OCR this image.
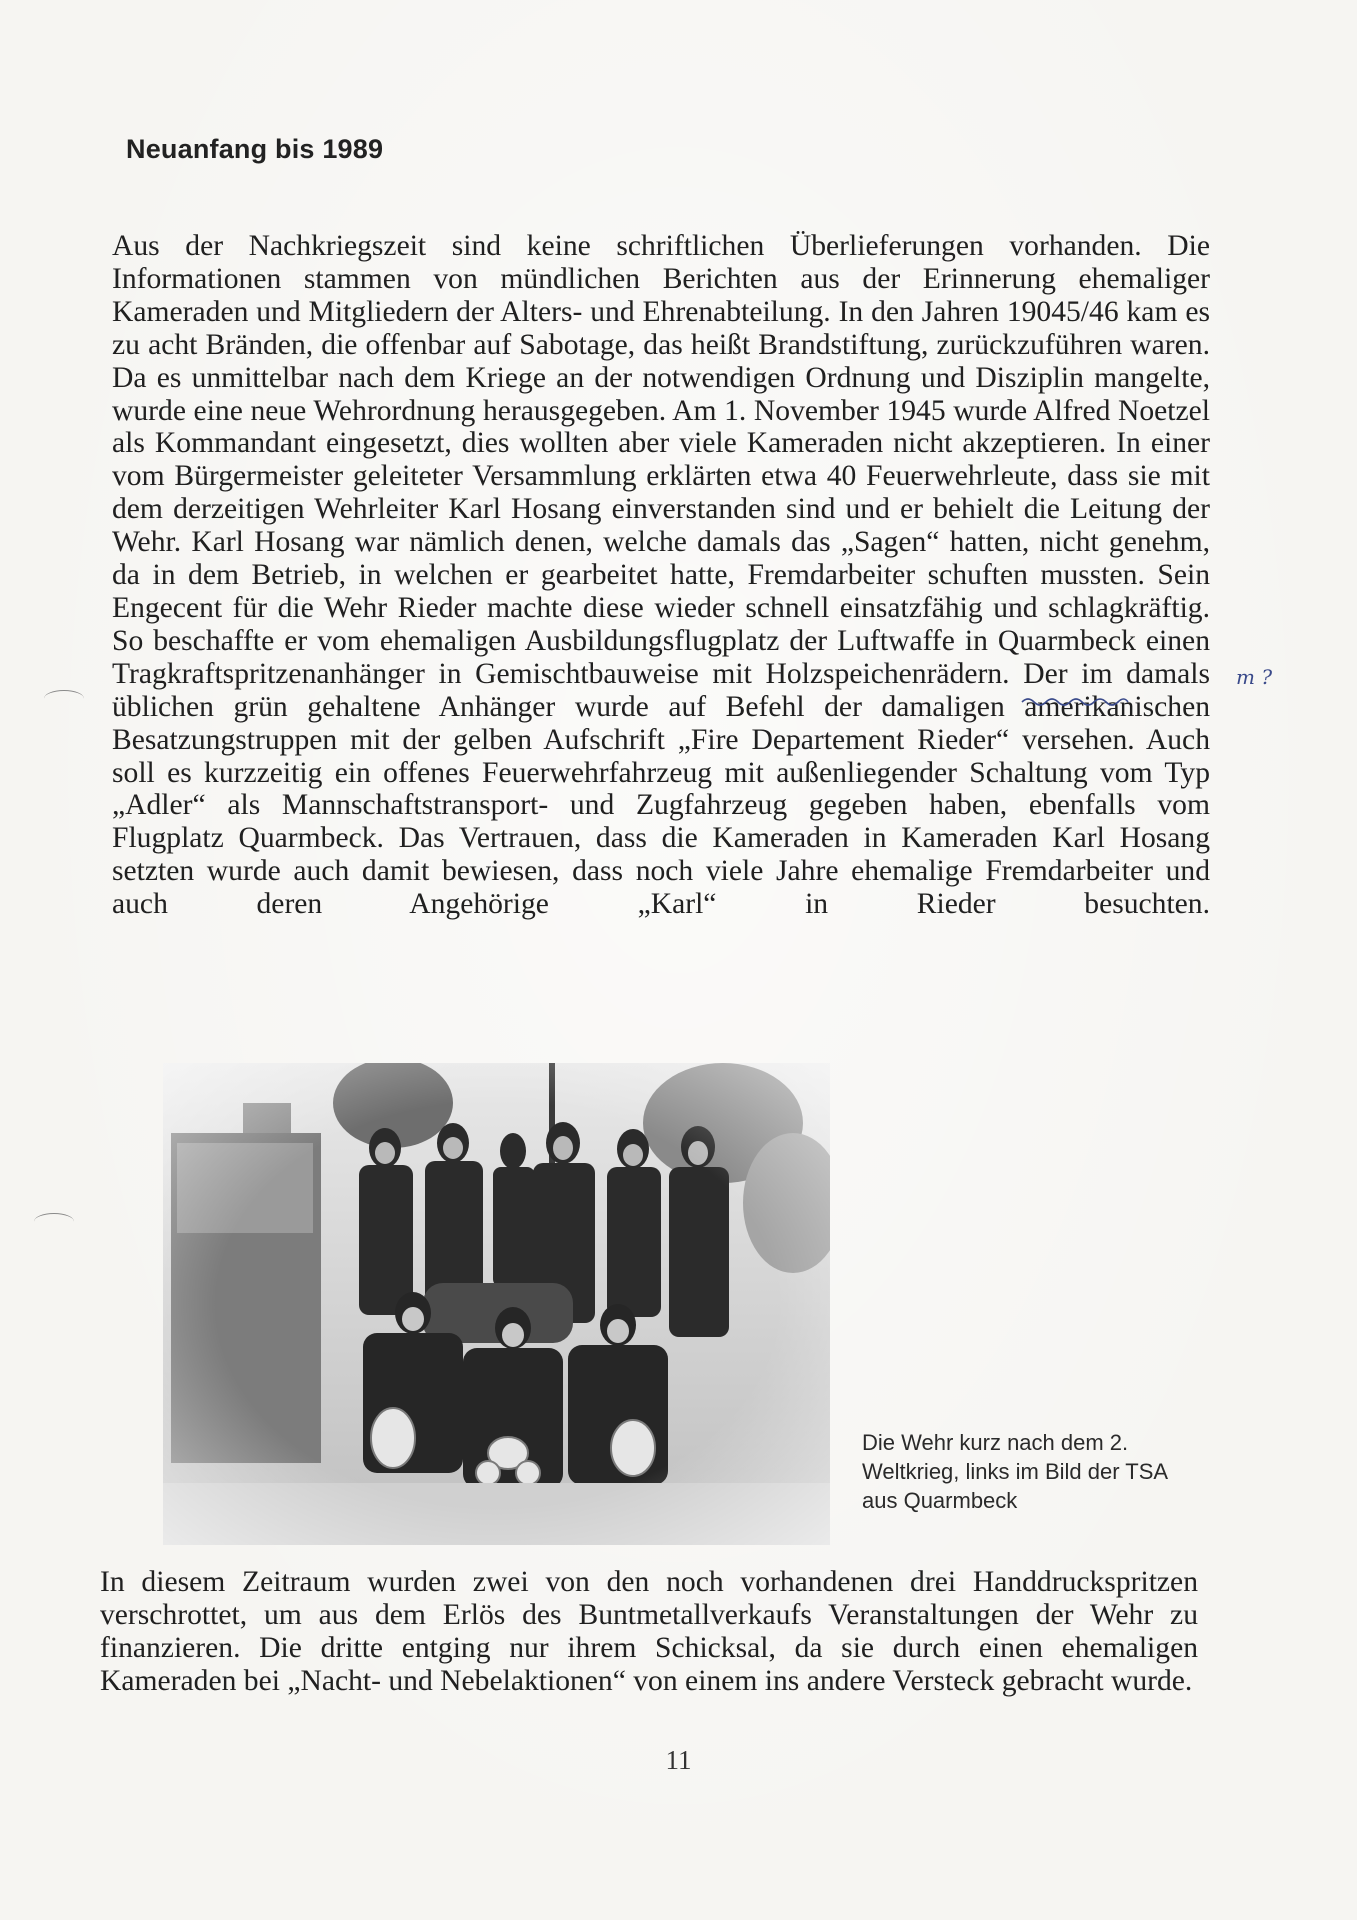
Neuanfang bis 1989
Aus der Nachkriegszeit sind keine schriftlichen Überlieferungen vorhanden. Die Informationen stammen von mündlichen Berichten aus der Erinnerung ehemaliger Kameraden und Mitgliedern der Alters- und Ehrenabteilung. In den Jahren 19045/46 kam es zu acht Bränden, die offenbar auf Sabotage, das heißt Brandstiftung, zurückzuführen waren. Da es unmittelbar nach dem Kriege an der notwendigen Ordnung und Disziplin mangelte, wurde eine neue Wehrordnung herausgegeben. Am 1. November 1945 wurde Alfred Noetzel als Kommandant eingesetzt, dies wollten aber viele Kameraden nicht akzeptieren. In einer vom Bürgermeister geleiteter Versammlung erklärten etwa 40 Feuerwehrleute, dass sie mit dem derzeitigen Wehrleiter Karl Hosang einverstanden sind und er behielt die Leitung der Wehr. Karl Hosang war nämlich denen, welche damals das „Sagen“ hatten, nicht genehm, da in dem Betrieb, in welchen er gearbeitet hatte, Fremdarbeiter schuften mussten. Sein Engecent für die Wehr Rieder machte diese wieder schnell einsatzfähig und schlagkräftig. So beschaffte er vom ehemaligen Ausbildungsflugplatz der Luftwaffe in Quarmbeck einen Tragkraftspritzenanhänger in Gemischtbauweise mit Holzspeichenrädern. Der im damals üblichen grün gehaltene Anhänger wurde auf Befehl der damaligen amerikanischen Besatzungstruppen mit der gelben Aufschrift „Fire Departement Rieder“ versehen. Auch soll es kurzzeitig ein offenes Feuerwehrfahrzeug mit außenliegender Schaltung vom Typ „Adler“ als Mannschaftstransport- und Zugfahrzeug gegeben haben, ebenfalls vom Flugplatz Quarmbeck. Das Vertrauen, dass die Kameraden in Kameraden Karl Hosang setzten wurde auch damit bewiesen, dass noch viele Jahre ehemalige Fremdarbeiter und auch deren Angehörige „Karl“ in Rieder besuchten.
m ?
Die Wehr kurz nach dem 2. Weltkrieg, links im Bild der TSA aus Quarmbeck
In diesem Zeitraum wurden zwei von den noch vorhandenen drei Handdruckspritzen verschrottet, um aus dem Erlös des Buntmetallverkaufs Veranstaltungen der Wehr zu finanzieren. Die dritte entging nur ihrem Schicksal, da sie durch einen ehemaligen Kameraden bei „Nacht- und Nebelaktionen“ von einem ins andere Versteck gebracht wurde.
11
